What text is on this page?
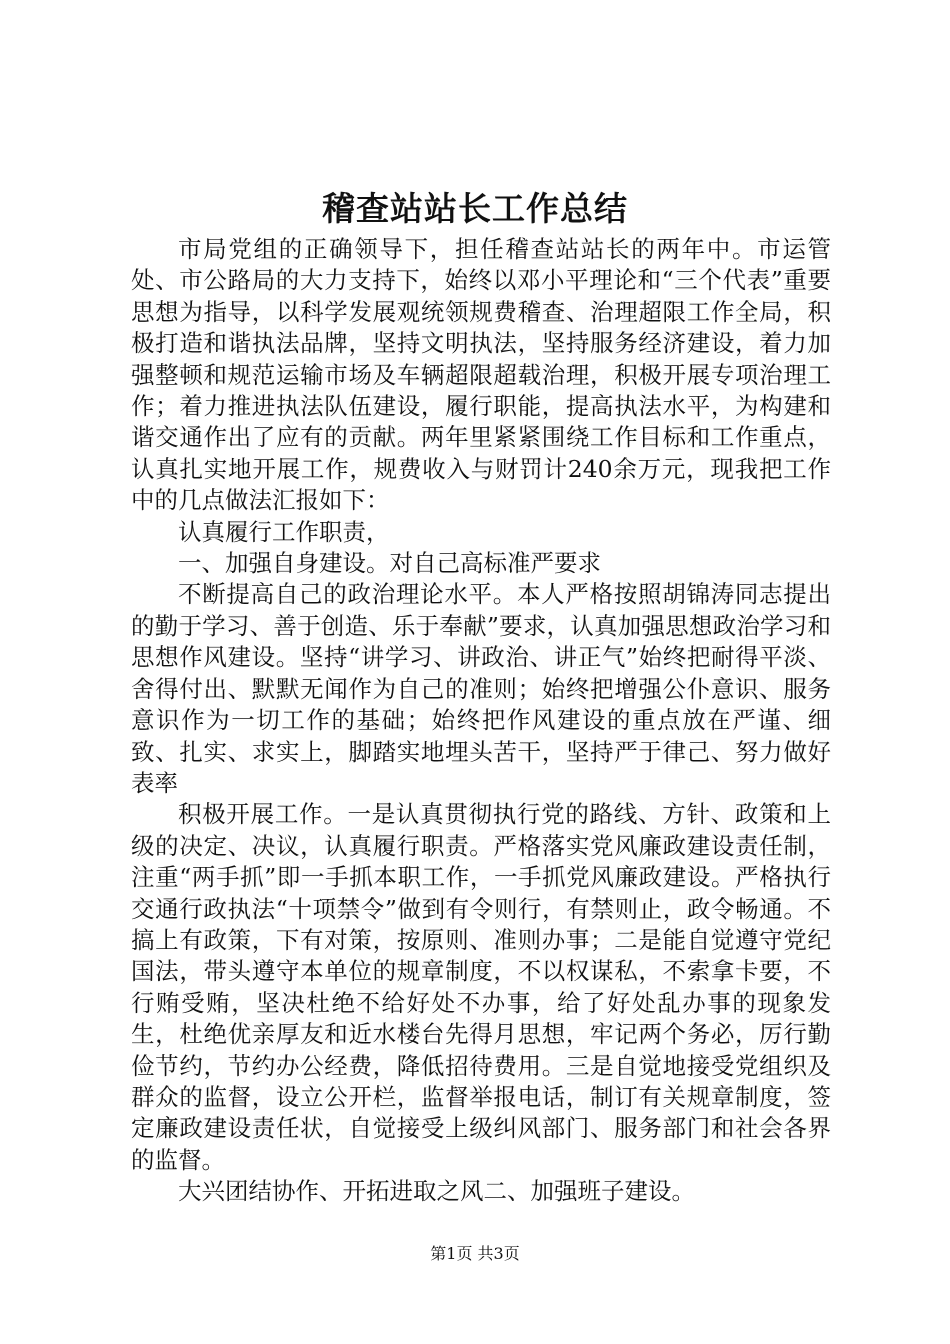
稽查站站长工作总结

市局党组的正确领导下，担任稽查站站长的两年中。市运管处、市公路局的大力支持下，始终以邓小平理论和“三个代表”重要思想为指导，以科学发展观统领规费稽查、治理超限工作全局，积极打造和谐执法品牌，坚持文明执法，坚持服务经济建设，着力加强整顿和规范运输市场及车辆超限超载治理，积极开展专项治理工作；着力推进执法队伍建设，履行职能，提高执法水平，为构建和谐交通作出了应有的贡献。两年里紧紧围绕工作目标和工作重点，认真扎实地开展工作，规费收入与财罚计240余万元，现我把工作中的几点做法汇报如下：

认真履行工作职责，

一、加强自身建设。对自己高标准严要求

不断提高自己的政治理论水平。本人严格按照胡锦涛同志提出的勤于学习、善于创造、乐于奉献”要求，认真加强思想政治学习和思想作风建设。坚持“讲学习、讲政治、讲正气”始终把耐得平淡、舍得付出、默默无闻作为自己的准则；始终把增强公仆意识、服务意识作为一切工作的基础；始终把作风建设的重点放在严谨、细致、扎实、求实上，脚踏实地埋头苦干，坚持严于律己、努力做好表率

积极开展工作。一是认真贯彻执行党的路线、方针、政策和上级的决定、决议，认真履行职责。严格落实党风廉政建设责任制，注重“两手抓”即一手抓本职工作，一手抓党风廉政建设。严格执行交通行政执法“十项禁令”做到有令则行，有禁则止，政令畅通。不搞上有政策，下有对策，按原则、准则办事；二是能自觉遵守党纪国法，带头遵守本单位的规章制度，不以权谋私，不索拿卡要，不行贿受贿，坚决杜绝不给好处不办事，给了好处乱办事的现象发生，杜绝优亲厚友和近水楼台先得月思想，牢记两个务必，厉行勤俭节约，节约办公经费，降低招待费用。三是自觉地接受党组织及群众的监督，设立公开栏，监督举报电话，制订有关规章制度，签定廉政建设责任状，自觉接受上级纠风部门、服务部门和社会各界的监督。

大兴团结协作、开拓进取之风二、加强班子建设。

第1页 共3页
